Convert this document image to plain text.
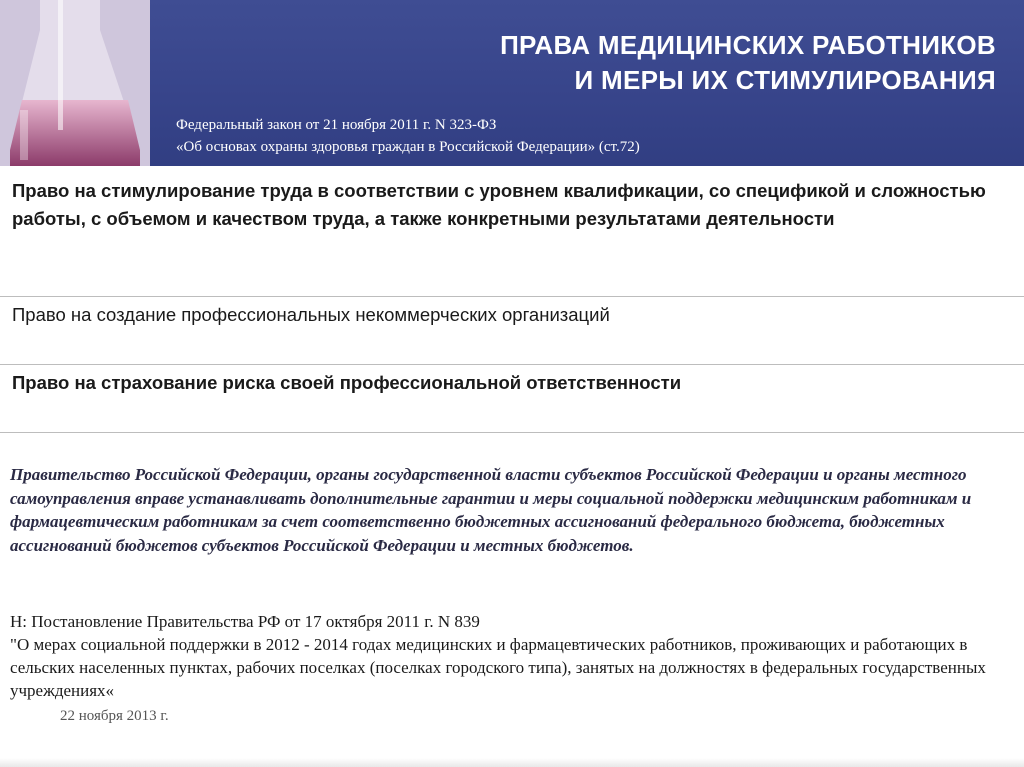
ПРАВА МЕДИЦИНСКИХ РАБОТНИКОВ
И МЕРЫ ИХ СТИМУЛИРОВАНИЯ
Федеральный закон от 21 ноября 2011 г. N 323-ФЗ
«Об основах охраны здоровья граждан в Российской Федерации» (ст.72)
Право на стимулирование труда в соответствии с уровнем квалификации, со спецификой и сложностью работы, с объемом и качеством труда, а также конкретными результатами деятельности
Право на создание профессиональных некоммерческих организаций
Право на страхование риска своей профессиональной ответственности
Правительство Российской Федерации, органы государственной власти субъектов Российской Федерации и органы местного самоуправления вправе устанавливать дополнительные гарантии и меры социальной поддержки медицинским работникам и фармацевтическим работникам за счет соответственно бюджетных ассигнований федерального бюджета, бюджетных ассигнований бюджетов субъектов Российской Федерации и местных бюджетов.
Н: Постановление Правительства РФ от 17 октября 2011 г. N 839
"О мерах социальной поддержки в 2012 - 2014 годах медицинских и фармацевтических работников, проживающих и работающих в сельских населенных пунктах, рабочих поселках (поселках городского типа), занятых на должностях в федеральных государственных учреждениях«
22 ноября 2013 г.
